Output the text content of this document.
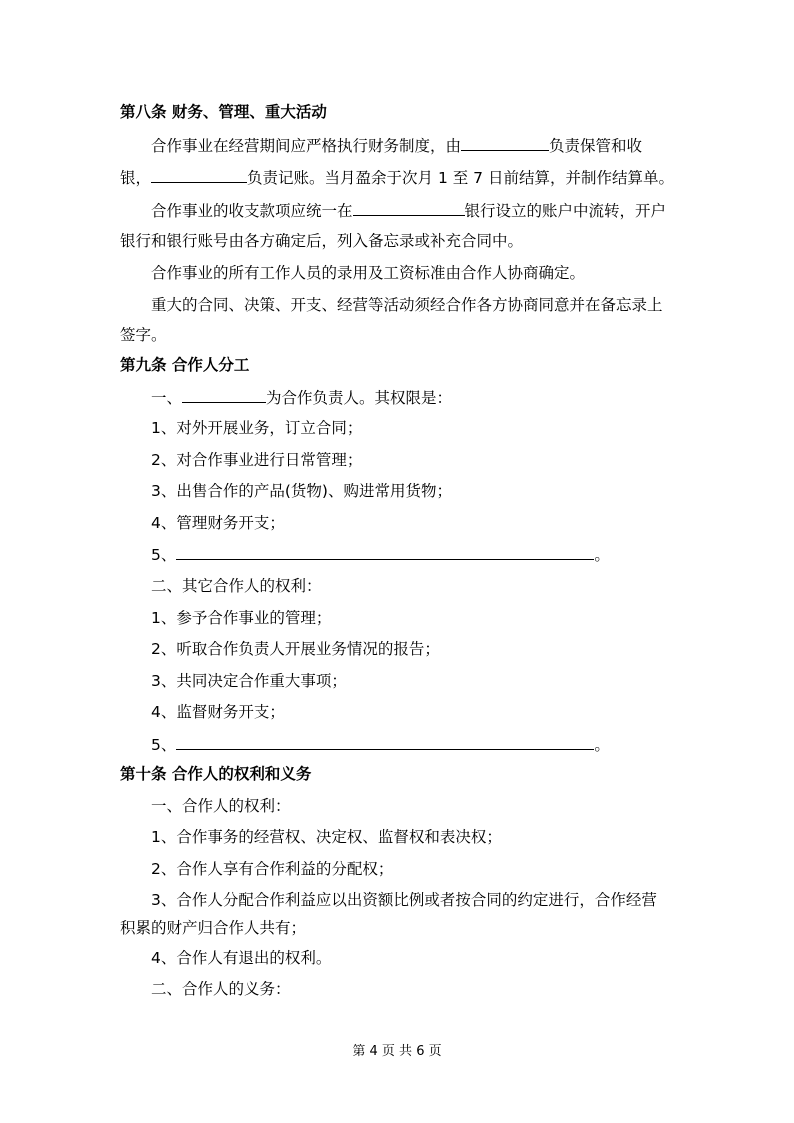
第八条 财务、管理、重大活动
合作事业在经营期间应严格执行财务制度，由	负责保管和收
银，	负责记账。当月盈余于次月 1 至 7 日前结算，并制作结算单。
合作事业的收支款项应统一在	银行设立的账户中流转，开户
银行和银行账号由各方确定后，列入备忘录或补充合同中。
合作事业的所有工作人员的录用及工资标准由合作人协商确定。
重大的合同、决策、开支、经营等活动须经合作各方协商同意并在备忘录上
签字。
第九条 合作人分工
一、	为合作负责人。其权限是：
1、对外开展业务，订立合同；
2、对合作事业进行日常管理；
3、出售合作的产品(货物)、购进常用货物；
4、管理财务开支；
5、	。
二、其它合作人的权利：
1、参予合作事业的管理；
2、听取合作负责人开展业务情况的报告；
3、共同决定合作重大事项；
4、监督财务开支；
5、	。
第十条 合作人的权利和义务
一、合作人的权利：
1、合作事务的经营权、决定权、监督权和表决权；
2、合作人享有合作利益的分配权；
3、合作人分配合作利益应以出资额比例或者按合同的约定进行，合作经营
积累的财产归合作人共有；
4、合作人有退出的权利。
二、合作人的义务：
第 4 页 共 6 页
